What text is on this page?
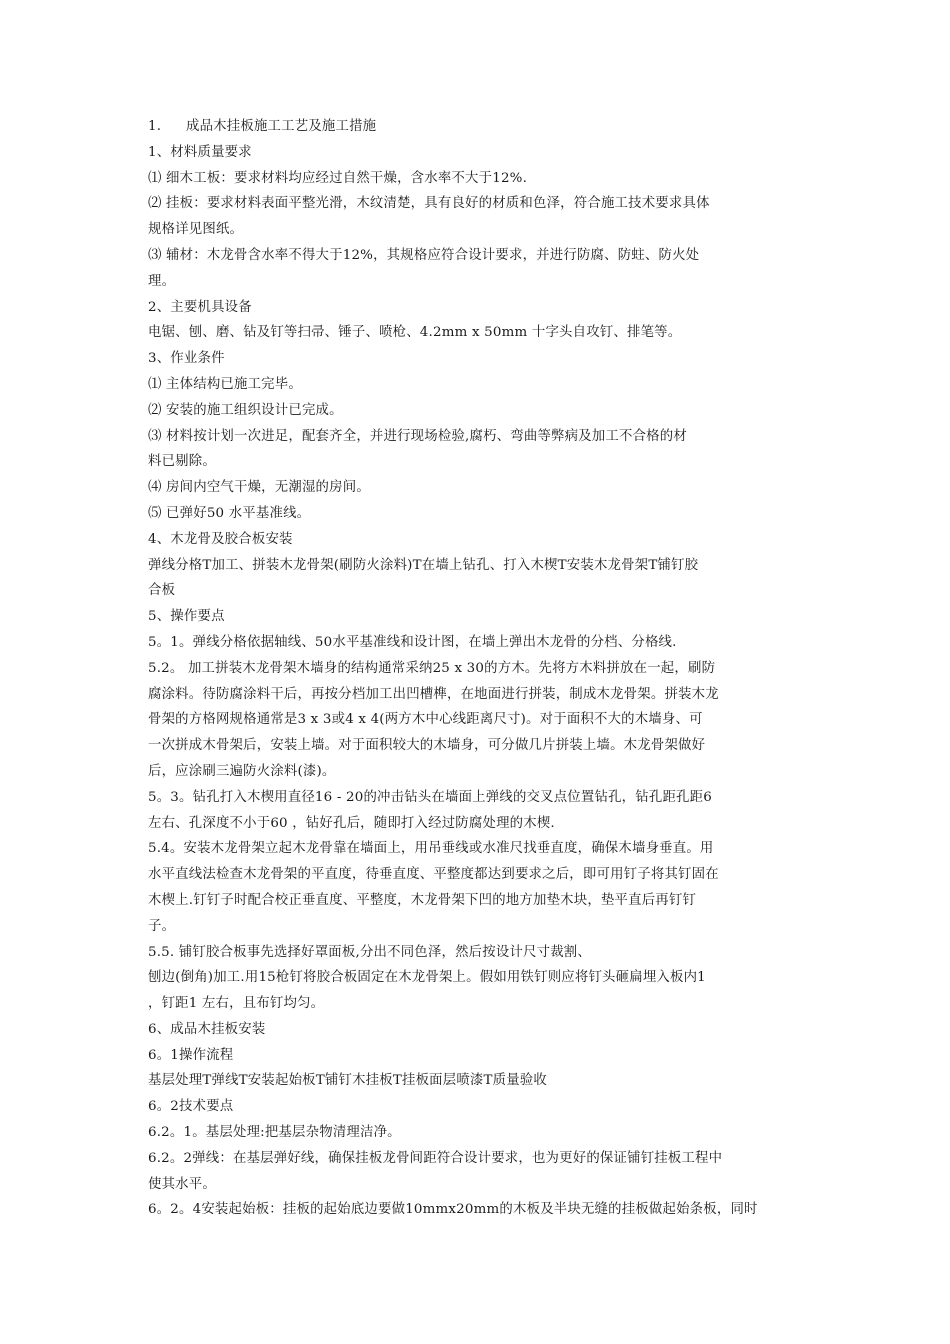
1. 成品木挂板施工工艺及施工措施
1、材料质量要求
⑴ 细木工板：要求材料均应经过自然干燥，含水率不大于12%.
⑵ 挂板：要求材料表面平整光滑，木纹清楚，具有良好的材质和色泽，符合施工技术要求具体
规格详见图纸。
⑶ 辅材：木龙骨含水率不得大于12%，其规格应符合设计要求，并进行防腐、防蛀、防火处
理。
2、主要机具设备
电锯、刨、磨、钻及钉等扫帚、锤子、喷枪、4.2mm x 50mm 十字头自攻钉、排笔等。
3、作业条件
⑴ 主体结构已施工完毕。
⑵ 安装的施工组织设计已完成。
⑶ 材料按计划一次进足，配套齐全，并进行现场检验,腐朽、弯曲等弊病及加工不合格的材
料已剔除。
⑷ 房间内空气干燥，无潮湿的房间。
⑸ 已弹好50 水平基准线。
4、木龙骨及胶合板安装
弹线分格T加工、拼装木龙骨架(刷防火涂料)T在墙上钻孔、打入木楔T安装木龙骨架T铺钉胶
合板
5、操作要点
5。1。弹线分格依据轴线、50水平基准线和设计图，在墙上弹出木龙骨的分档、分格线.
5.2。 加工拼装木龙骨架木墙身的结构通常采纳25 x 30的方木。先将方木料拼放在一起，刷防
腐涂料。待防腐涂料干后，再按分档加工出凹槽榫，在地面进行拼装，制成木龙骨架。拼装木龙
骨架的方格网规格通常是3 x 3或4 x 4(两方木中心线距离尺寸)。对于面积不大的木墙身、可
一次拼成木骨架后，安装上墙。对于面积较大的木墙身，可分做几片拼装上墙。木龙骨架做好
后，应涂刷三遍防火涂料(漆)。
5。3。钻孔打入木楔用直径16 - 20的冲击钻头在墙面上弹线的交叉点位置钻孔，钻孔距孔距6
左右、孔深度不小于60 ，钻好孔后，随即打入经过防腐处理的木楔.
5.4。安装木龙骨架立起木龙骨靠在墙面上，用吊垂线或水准尺找垂直度，确保木墙身垂直。用
水平直线法检查木龙骨架的平直度，待垂直度、平整度都达到要求之后，即可用钉子将其钉固在
木楔上.钉钉子时配合校正垂直度、平整度，木龙骨架下凹的地方加垫木块，垫平直后再钉钉
子。
5.5. 铺钉胶合板事先选择好罩面板,分出不同色泽，然后按设计尺寸裁割、
刨边(倒角)加工.用15枪钉将胶合板固定在木龙骨架上。假如用铁钉则应将钉头砸扁埋入板内1
，钉距1 左右，且布钉均匀。
6、成品木挂板安装
6。1操作流程
基层处理T弹线T安装起始板T铺钉木挂板T挂板面层喷漆T质量验收
6。2技术要点
6.2。1。基层处理:把基层杂物清理洁净。
6.2。2弹线：在基层弹好线，确保挂板龙骨间距符合设计要求，也为更好的保证铺钉挂板工程中
使其水平。
6。2。4安装起始板：挂板的起始底边要做10mmx20mm的木板及半块无缝的挂板做起始条板，同时
